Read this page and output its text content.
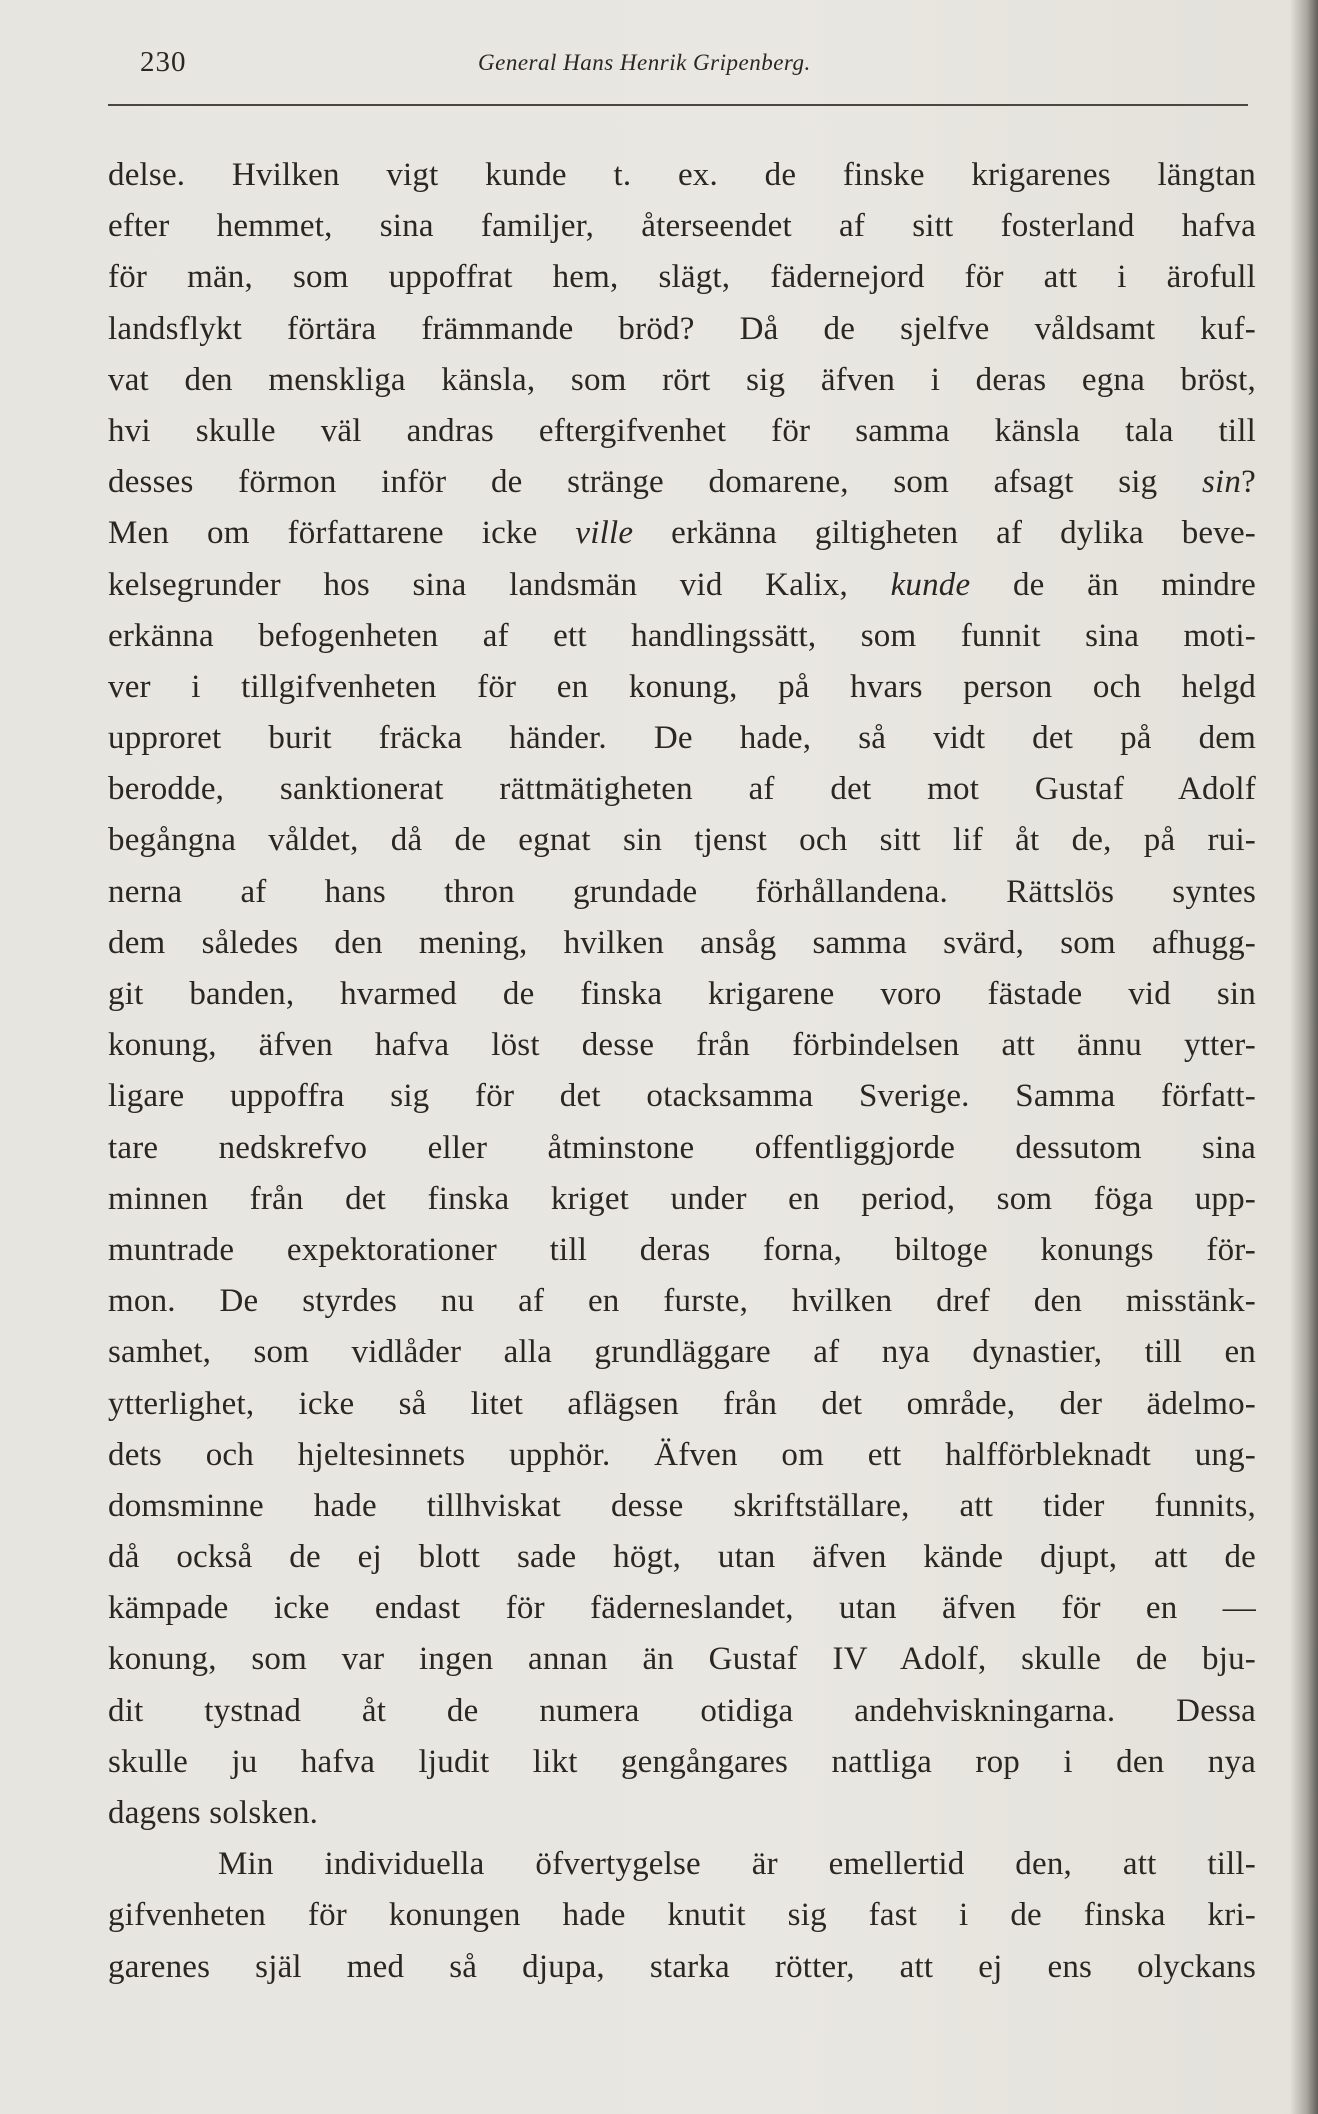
230	General Hans Henrik Gripenberg.
delse. Hvilken vigt kunde t. ex. de finske krigarenes längtan
efter hemmet, sina familjer, återseendet af sitt fosterland hafva
för män, som uppoffrat hem, slägt, fädernejord för att i ärofull
landsflykt förtära främmande bröd? Då de sjelfve våldsamt kuf-
vat den menskliga känsla, som rört sig äfven i deras egna bröst,
hvi skulle väl andras eftergifvenhet för samma känsla tala till
desses förmon inför de stränge domarene, som afsagt sig sin?
Men om författarene icke ville erkänna giltigheten af dylika beve-
kelsegrunder hos sina landsmän vid Kalix, kunde de än mindre
erkänna befogenheten af ett handlingssätt, som funnit sina moti-
ver i tillgifvenheten för en konung, på hvars person och helgd
upproret burit fräcka händer. De hade, så vidt det på dem
berodde, sanktionerat rättmätigheten af det mot Gustaf Adolf
begångna våldet, då de egnat sin tjenst och sitt lif åt de, på rui-
nerna af hans thron grundade förhållandena. Rättslös syntes
dem således den mening, hvilken ansåg samma svärd, som afhugg-
git banden, hvarmed de finska krigarene voro fästade vid sin
konung, äfven hafva löst desse från förbindelsen att ännu ytter-
ligare uppoffra sig för det otacksamma Sverige. Samma författ-
tare nedskrefvo eller åtminstone offentliggjorde dessutom sina
minnen från det finska kriget under en period, som föga upp-
muntrade expektorationer till deras forna, biltoge konungs för-
mon. De styrdes nu af en furste, hvilken dref den misstänk-
samhet, som vidlåder alla grundläggare af nya dynastier, till en
ytterlighet, icke så litet aflägsen från det område, der ädelmo-
dets och hjeltesinnets upphör. Äfven om ett halfförbleknadt ung-
domsminne hade tillhviskat desse skriftställare, att tider funnits,
då också de ej blott sade högt, utan äfven kände djupt, att de
kämpade icke endast för fäderneslandet, utan äfven för en —
konung, som var ingen annan än Gustaf IV Adolf, skulle de bju-
dit tystnad åt de numera otidiga andehviskningarna. Dessa
skulle ju hafva ljudit likt gengångares nattliga rop i den nya
dagens solsken.
Min individuella öfvertygelse är emellertid den, att till-
gifvenheten för konungen hade knutit sig fast i de finska kri-
garenes själ med så djupa, starka rötter, att ej ens olyckans
